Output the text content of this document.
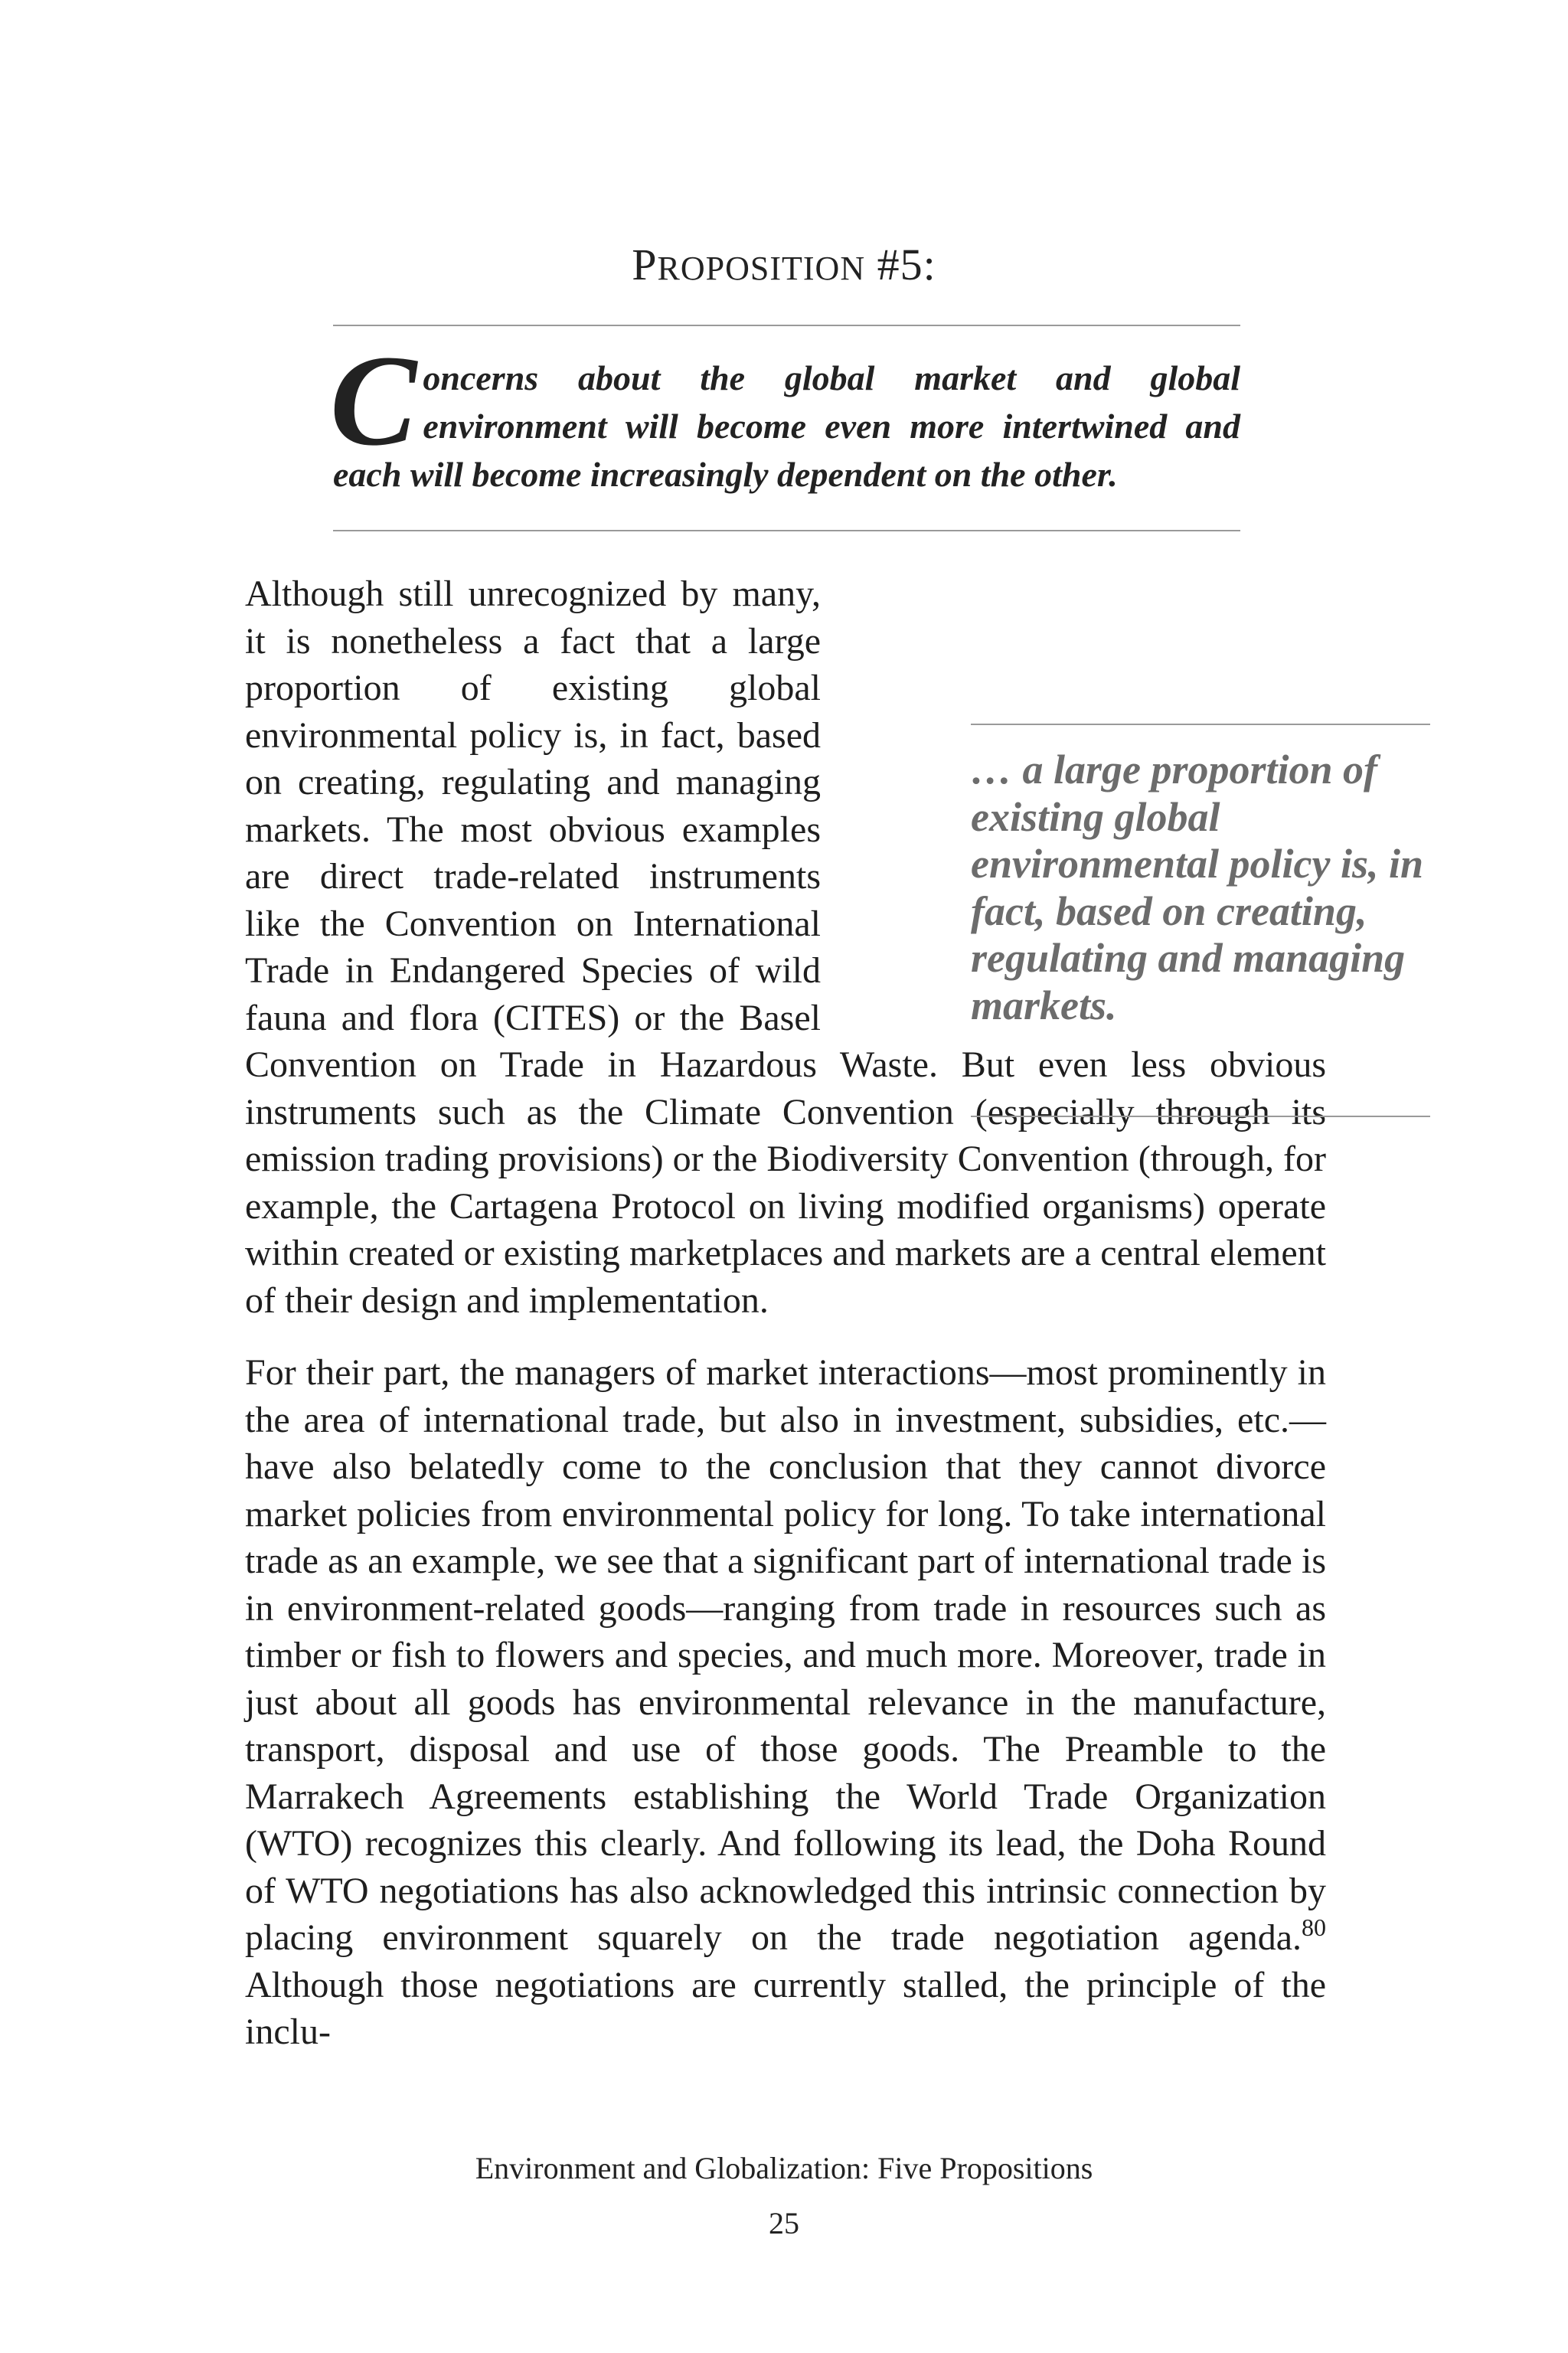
PROPOSITION #5:

Concerns about the global market and global environment will become even more intertwined and each will become increasingly dependent on the other.

Although still unrecognized by many, it is nonetheless a fact that a large proportion of existing global environmental policy is, in fact, based on creating, regulating and managing markets. The most obvious examples are direct trade-related instruments like the Convention on International Trade in Endangered Species of wild fauna and flora (CITES) or the Basel Convention on Trade in Hazardous Waste. But even less obvious instruments such as the Climate Convention (especially through its emission trading provisions) or the Biodiversity Convention (through, for example, the Cartagena Protocol on living modified organisms) operate within created or existing marketplaces and markets are a central element of their design and implementation.

… a large proportion of existing global environmental policy is, in fact, based on creating, regulating and managing markets.

For their part, the managers of market interactions—most prominently in the area of international trade, but also in investment, subsidies, etc.—have also belatedly come to the conclusion that they cannot divorce market policies from environmental policy for long. To take international trade as an example, we see that a significant part of international trade is in environment-related goods—ranging from trade in resources such as timber or fish to flowers and species, and much more. Moreover, trade in just about all goods has environmental relevance in the manufacture, transport, disposal and use of those goods. The Preamble to the Marrakech Agreements establishing the World Trade Organization (WTO) recognizes this clearly. And following its lead, the Doha Round of WTO negotiations has also acknowledged this intrinsic connection by placing environment squarely on the trade negotiation agenda.$^{80}$ Although those negotiations are currently stalled, the principle of the inclu-

Environment and Globalization: Five Propositions
25
